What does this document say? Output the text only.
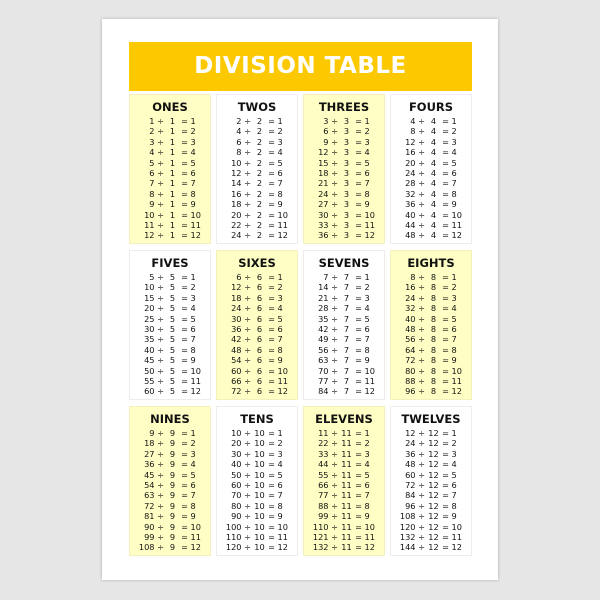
DIVISION TABLE
ONES
1 ÷ 1 = 1
2 ÷ 1 = 2
3 ÷ 1 = 3
4 ÷ 1 = 4
5 ÷ 1 = 5
6 ÷ 1 = 6
7 ÷ 1 = 7
8 ÷ 1 = 8
9 ÷ 1 = 9
10 ÷ 1 = 10
11 ÷ 1 = 11
12 ÷ 1 = 12
TWOS
2 ÷ 2 = 1
4 ÷ 2 = 2
6 ÷ 2 = 3
8 ÷ 2 = 4
10 ÷ 2 = 5
12 ÷ 2 = 6
14 ÷ 2 = 7
16 ÷ 2 = 8
18 ÷ 2 = 9
20 ÷ 2 = 10
22 ÷ 2 = 11
24 ÷ 2 = 12
THREES
3 ÷ 3 = 1
6 ÷ 3 = 2
9 ÷ 3 = 3
12 ÷ 3 = 4
15 ÷ 3 = 5
18 ÷ 3 = 6
21 ÷ 3 = 7
24 ÷ 3 = 8
27 ÷ 3 = 9
30 ÷ 3 = 10
33 ÷ 3 = 11
36 ÷ 3 = 12
FOURS
4 ÷ 4 = 1
8 ÷ 4 = 2
12 ÷ 4 = 3
16 ÷ 4 = 4
20 ÷ 4 = 5
24 ÷ 4 = 6
28 ÷ 4 = 7
32 ÷ 4 = 8
36 ÷ 4 = 9
40 ÷ 4 = 10
44 ÷ 4 = 11
48 ÷ 4 = 12
FIVES
5 ÷ 5 = 1
10 ÷ 5 = 2
15 ÷ 5 = 3
20 ÷ 5 = 4
25 ÷ 5 = 5
30 ÷ 5 = 6
35 ÷ 5 = 7
40 ÷ 5 = 8
45 ÷ 5 = 9
50 ÷ 5 = 10
55 ÷ 5 = 11
60 ÷ 5 = 12
SIXES
6 ÷ 6 = 1
12 ÷ 6 = 2
18 ÷ 6 = 3
24 ÷ 6 = 4
30 ÷ 6 = 5
36 ÷ 6 = 6
42 ÷ 6 = 7
48 ÷ 6 = 8
54 ÷ 6 = 9
60 ÷ 6 = 10
66 ÷ 6 = 11
72 ÷ 6 = 12
SEVENS
7 ÷ 7 = 1
14 ÷ 7 = 2
21 ÷ 7 = 3
28 ÷ 7 = 4
35 ÷ 7 = 5
42 ÷ 7 = 6
49 ÷ 7 = 7
56 ÷ 7 = 8
63 ÷ 7 = 9
70 ÷ 7 = 10
77 ÷ 7 = 11
84 ÷ 7 = 12
EIGHTS
8 ÷ 8 = 1
16 ÷ 8 = 2
24 ÷ 8 = 3
32 ÷ 8 = 4
40 ÷ 8 = 5
48 ÷ 8 = 6
56 ÷ 8 = 7
64 ÷ 8 = 8
72 ÷ 8 = 9
80 ÷ 8 = 10
88 ÷ 8 = 11
96 ÷ 8 = 12
NINES
9 ÷ 9 = 1
18 ÷ 9 = 2
27 ÷ 9 = 3
36 ÷ 9 = 4
45 ÷ 9 = 5
54 ÷ 9 = 6
63 ÷ 9 = 7
72 ÷ 9 = 8
81 ÷ 9 = 9
90 ÷ 9 = 10
99 ÷ 9 = 11
108 ÷ 9 = 12
TENS
10 ÷ 10 = 1
20 ÷ 10 = 2
30 ÷ 10 = 3
40 ÷ 10 = 4
50 ÷ 10 = 5
60 ÷ 10 = 6
70 ÷ 10 = 7
80 ÷ 10 = 8
90 ÷ 10 = 9
100 ÷ 10 = 10
110 ÷ 10 = 11
120 ÷ 10 = 12
ELEVENS
11 ÷ 11 = 1
22 ÷ 11 = 2
33 ÷ 11 = 3
44 ÷ 11 = 4
55 ÷ 11 = 5
66 ÷ 11 = 6
77 ÷ 11 = 7
88 ÷ 11 = 8
99 ÷ 11 = 9
110 ÷ 11 = 10
121 ÷ 11 = 11
132 ÷ 11 = 12
TWELVES
12 ÷ 12 = 1
24 ÷ 12 = 2
36 ÷ 12 = 3
48 ÷ 12 = 4
60 ÷ 12 = 5
72 ÷ 12 = 6
84 ÷ 12 = 7
96 ÷ 12 = 8
108 ÷ 12 = 9
120 ÷ 12 = 10
132 ÷ 12 = 11
144 ÷ 12 = 12
